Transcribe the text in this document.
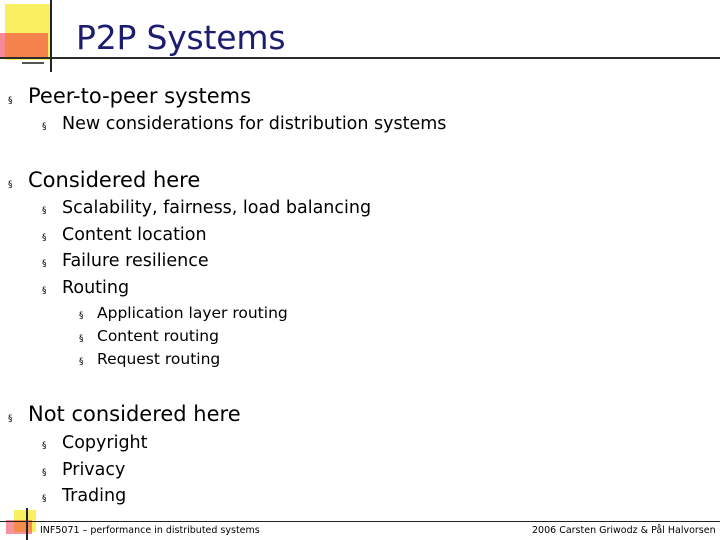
P2P Systems
§ Peer-to-peer systems
§ New considerations for distribution systems
§ Considered here
§ Scalability, fairness, load balancing
§ Content location
§ Failure resilience
§ Routing
§ Application layer routing
§ Content routing
§ Request routing
§ Not considered here
§ Copyright
§ Privacy
§ Trading
INF5071 – performance in distributed systems	2006 Carsten Griwodz & Pål Halvorsen
